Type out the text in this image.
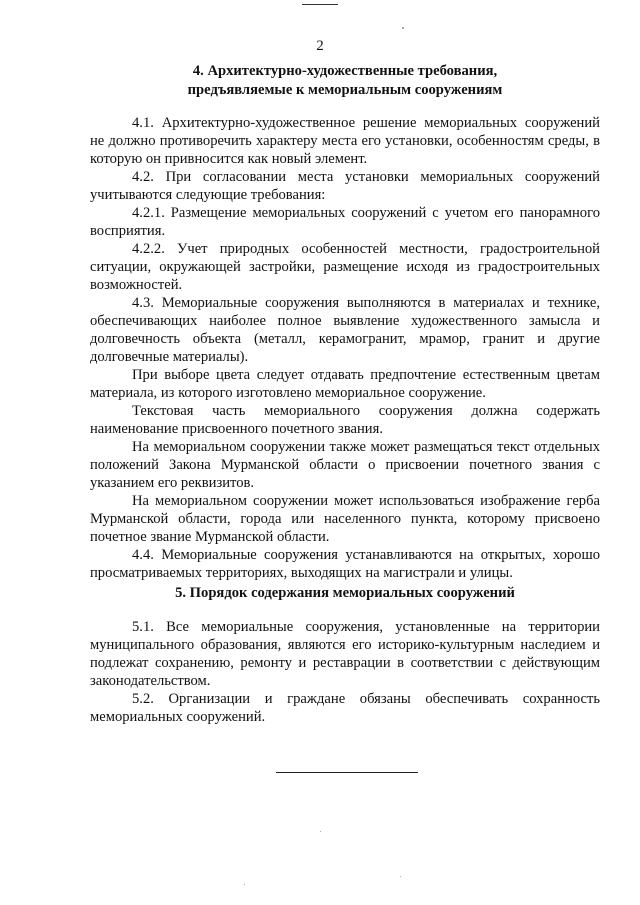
2
4. Архитектурно-художественные требования,
предъявляемые к мемориальным сооружениям

4.1. Архитектурно-художественное решение мемориальных сооружений не должно противоречить характеру места его установки, особенностям среды, в которую он привносится как новый элемент.

4.2. При согласовании места установки мемориальных сооружений учитываются следующие требования:

4.2.1. Размещение мемориальных сооружений с учетом его панорамного восприятия.

4.2.2. Учет природных особенностей местности, градостроительной ситуации, окружающей застройки, размещение исходя из градостроительных возможностей.

4.3. Мемориальные сооружения выполняются в материалах и технике, обеспечивающих наиболее полное выявление художественного замысла и долговечность объекта (металл, керамогранит, мрамор, гранит и другие долговечные материалы).

При выборе цвета следует отдавать предпочтение естественным цветам материала, из которого изготовлено мемориальное сооружение.

Текстовая часть мемориального сооружения должна содержать наименование присвоенного почетного звания.

На мемориальном сооружении также может размещаться текст отдельных положений Закона Мурманской области о присвоении почетного звания с указанием его реквизитов.

На мемориальном сооружении может использоваться изображение герба Мурманской области, города или населенного пункта, которому присвоено почетное звание Мурманской области.

4.4. Мемориальные сооружения устанавливаются на открытых, хорошо просматриваемых территориях, выходящих на магистрали и улицы.

5. Порядок содержания мемориальных сооружений

5.1. Все мемориальные сооружения, установленные на территории муниципального образования, являются его историко-культурным наследием и подлежат сохранению, ремонту и реставрации в соответствии с действующим законодательством.

5.2. Организации и граждане обязаны обеспечивать сохранность мемориальных сооружений.
